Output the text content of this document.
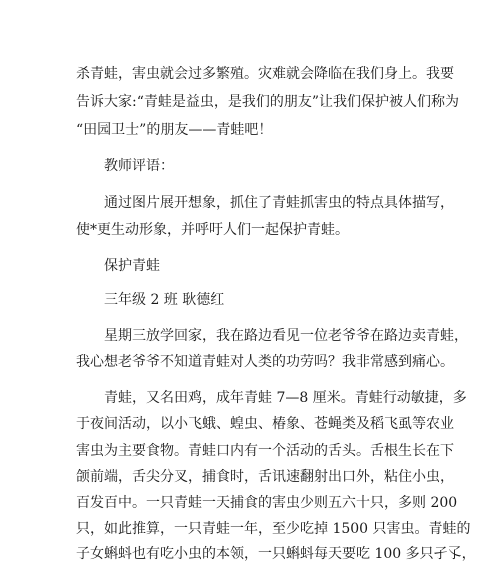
杀青蛙，害虫就会过多繁殖。灾难就会降临在我们身上。我要
告诉大家:“青蛙是益虫，是我们的朋友”让我们保护被人们称为
“田园卫士”的朋友——青蛙吧！
教师评语：
通过图片展开想象，抓住了青蛙抓害虫的特点具体描写，
使*更生动形象，并呼吁人们一起保护青蛙。
保护青蛙
三年级 2 班 耿德红
星期三放学回家，我在路边看见一位老爷爷在路边卖青蛙，
我心想老爷爷不知道青蛙对人类的功劳吗？我非常感到痛心。
青蛙，又名田鸡，成年青蛙 7—8 厘米。青蛙行动敏捷，多
于夜间活动，以小飞蛾、蝗虫、椿象、苍蝇类及稻飞虱等农业
害虫为主要食物。青蛙口内有一个活动的舌头。舌根生长在下
颌前端，舌尖分叉，捕食时，舌讯速翻射出口外，粘住小虫，
百发百中。一只青蛙一天捕食的害虫少则五六十只，多则 200
只，如此推算，一只青蛙一年，至少吃掉 1500 只害虫。青蛙的
子女蝌蚪也有吃小虫的本领，一只蝌蚪每天要吃 100 多只孑孓，
